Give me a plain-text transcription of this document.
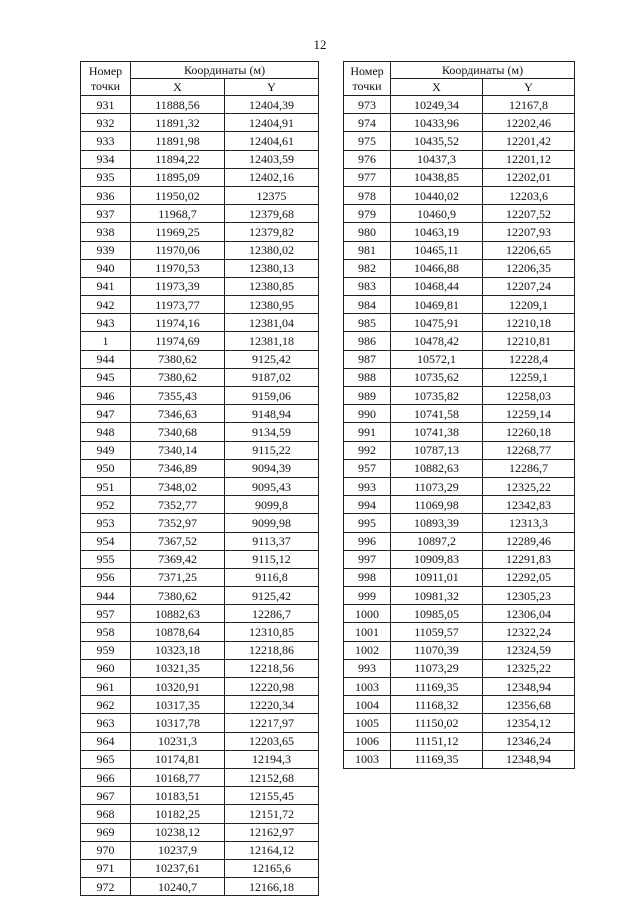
12
Номер
точки	Координаты (м)	
	X	Y
931	11888,56	12404,39
932	11891,32	12404,91
933	11891,98	12404,61
934	11894,22	12403,59
935	11895,09	12402,16
936	11950,02	12375
937	11968,7	12379,68
938	11969,25	12379,82
939	11970,06	12380,02
940	11970,53	12380,13
941	11973,39	12380,85
942	11973,77	12380,95
943	11974,16	12381,04
1	11974,69	12381,18
944	7380,62	9125,42
945	7380,62	9187,02
946	7355,43	9159,06
947	7346,63	9148,94
948	7340,68	9134,59
949	7340,14	9115,22
950	7346,89	9094,39
951	7348,02	9095,43
952	7352,77	9099,8
953	7352,97	9099,98
954	7367,52	9113,37
955	7369,42	9115,12
956	7371,25	9116,8
944	7380,62	9125,42
957	10882,63	12286,7
958	10878,64	12310,85
959	10323,18	12218,86
960	10321,35	12218,56
961	10320,91	12220,98
962	10317,35	12220,34
963	10317,78	12217,97
964	10231,3	12203,65
965	10174,81	12194,3
966	10168,77	12152,68
967	10183,51	12155,45
968	10182,25	12151,72
969	10238,12	12162,97
970	10237,9	12164,12
971	10237,61	12165,6
972	10240,7	12166,18
Номер
точки	Координаты (м)	
	X	Y
973	10249,34	12167,8
974	10433,96	12202,46
975	10435,52	12201,42
976	10437,3	12201,12
977	10438,85	12202,01
978	10440,02	12203,6
979	10460,9	12207,52
980	10463,19	12207,93
981	10465,11	12206,65
982	10466,88	12206,35
983	10468,44	12207,24
984	10469,81	12209,1
985	10475,91	12210,18
986	10478,42	12210,81
987	10572,1	12228,4
988	10735,62	12259,1
989	10735,82	12258,03
990	10741,58	12259,14
991	10741,38	12260,18
992	10787,13	12268,77
957	10882,63	12286,7
993	11073,29	12325,22
994	11069,98	12342,83
995	10893,39	12313,3
996	10897,2	12289,46
997	10909,83	12291,83
998	10911,01	12292,05
999	10981,32	12305,23
1000	10985,05	12306,04
1001	11059,57	12322,24
1002	11070,39	12324,59
993	11073,29	12325,22
1003	11169,35	12348,94
1004	11168,32	12356,68
1005	11150,02	12354,12
1006	11151,12	12346,24
1003	11169,35	12348,94
